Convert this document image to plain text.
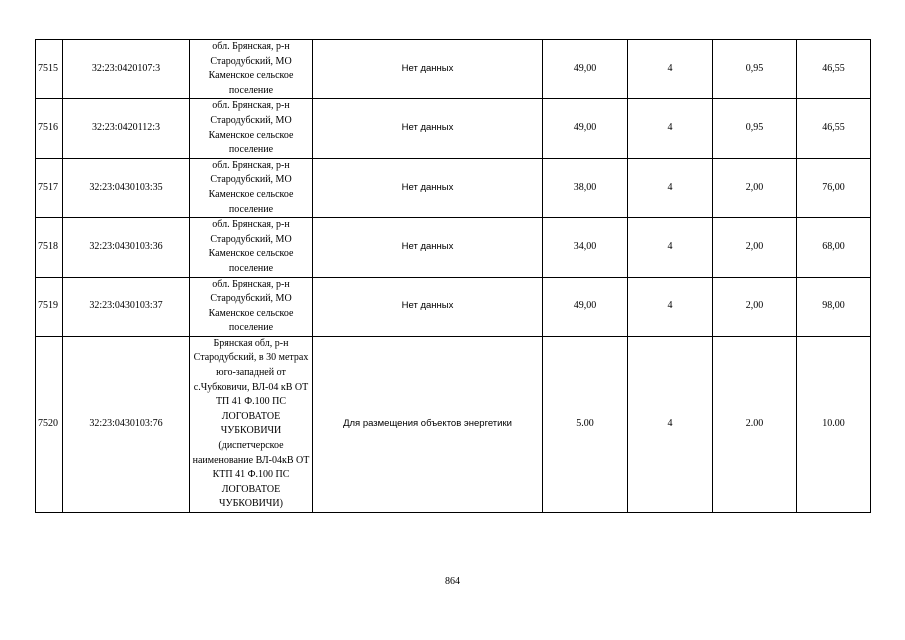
7515	32:23:0420107:3	обл. Брянская, р-н Стародубский, МО Каменское сельское поселение	Нет данных	49,00	4	0,95	46,55
7516	32:23:0420112:3	обл. Брянская, р-н Стародубский, МО Каменское сельское поселение	Нет данных	49,00	4	0,95	46,55
7517	32:23:0430103:35	обл. Брянская, р-н Стародубский, МО Каменское сельское поселение	Нет данных	38,00	4	2,00	76,00
7518	32:23:0430103:36	обл. Брянская, р-н Стародубский, МО Каменское сельское поселение	Нет данных	34,00	4	2,00	68,00
7519	32:23:0430103:37	обл. Брянская, р-н Стародубский, МО Каменское сельское поселение	Нет данных	49,00	4	2,00	98,00
7520	32:23:0430103:76	Брянская обл, р-н Стародубский, в 30 метрах юго-западней от с.Чубковичи, ВЛ-04 кВ ОТ ТП 41 Ф.100 ПС ЛОГОВАТОЕ ЧУБКОВИЧИ (диспетчерское наименование ВЛ-04кВ ОТ КТП 41 Ф.100 ПС ЛОГОВАТОЕ ЧУБКОВИЧИ)	Для размещения объектов энергетики	5.00	4	2.00	10.00
864
